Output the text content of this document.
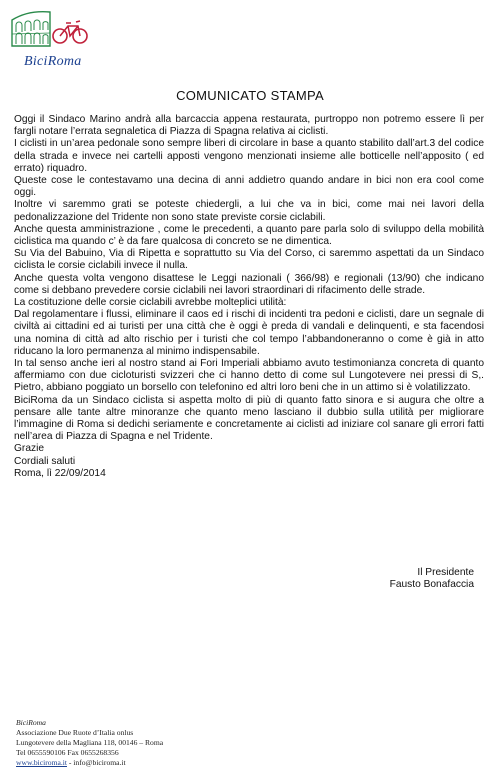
BiciRoma
COMUNICATO STAMPA

Oggi il Sindaco Marino andrà alla barcaccia appena restaurata, purtroppo non potremo essere lì per fargli notare l’errata segnaletica di Piazza di Spagna relativa ai ciclisti.

I ciclisti in un’area pedonale sono sempre liberi di circolare in base a quanto stabilito dall’art.3 del codice della strada e invece nei cartelli apposti vengono menzionati insieme alle botticelle nell’apposito ( ed errato) riquadro.

Queste cose le contestavamo una decina di anni addietro quando andare in bici non era cool come oggi.

Inoltre vi saremmo grati se poteste chiedergli, a lui che va in bici, come mai nei lavori della pedonalizzazione del Tridente non sono state previste corsie ciclabili.

Anche questa amministrazione , come le precedenti, a quanto pare parla solo di sviluppo della mobilità ciclistica ma quando c’ è da fare qualcosa di concreto se ne dimentica.

Su Via del Babuino, Via di Ripetta e soprattutto su Via del Corso, ci saremmo aspettati da un Sindaco ciclista le corsie ciclabili invece il nulla.

Anche questa volta vengono disattese le Leggi nazionali ( 366/98) e regionali (13/90) che indicano come si debbano prevedere corsie ciclabili nei lavori straordinari di rifacimento delle strade.

La costituzione delle corsie ciclabili avrebbe molteplici utilità:

Dal regolamentare i flussi, eliminare il caos ed i rischi di incidenti tra pedoni e ciclisti, dare un segnale di civiltà ai cittadini ed ai turisti per una città che è oggi è preda di vandali e delinquenti, e sta facendosi una nomina di città ad alto rischio per i turisti che col tempo l’abbandoneranno o come è già in atto riducano la loro permanenza al minimo indispensabile.

In tal senso anche ieri al nostro stand ai Fori Imperiali abbiamo avuto testimonianza concreta di quanto affermiamo con due cicloturisti svizzeri che ci hanno detto di come sul Lungotevere nei pressi di S,. Pietro, abbiano poggiato un borsello con telefonino ed altri loro beni che in un attimo si è volatilizzato.

BiciRoma da un Sindaco ciclista si aspetta molto di più di quanto fatto sinora e si augura che oltre a pensare alle tante altre minoranze che quanto meno lasciano il dubbio sulla utilità per migliorare l’immagine di Roma si dedichi seriamente e concretamente ai ciclisti ad iniziare col sanare gli errori fatti nell’area di Piazza di Spagna e nel Tridente.

Grazie

Cordiali saluti

Roma, lì 22/09/2014

Il Presidente
Fausto Bonafaccia
BiciRoma
Associazione Due Ruote d’Italia onlus
Lungotevere della Magliana 118, 00146 – Roma
Tel 0655590106 Fax 0655268356
www.biciroma.it - info@biciroma.it
